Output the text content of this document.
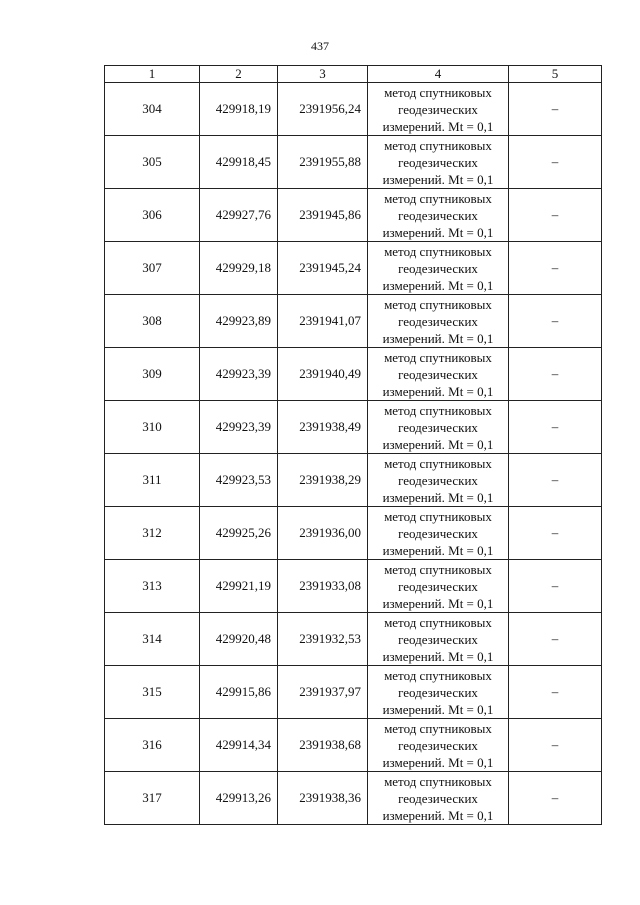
437
1	2	3	4	5
304	429918,19	2391956,24	метод спутниковых
геодезических
измерений. Mt = 0,1	–
305	429918,45	2391955,88	метод спутниковых
геодезических
измерений. Mt = 0,1	–
306	429927,76	2391945,86	метод спутниковых
геодезических
измерений. Mt = 0,1	–
307	429929,18	2391945,24	метод спутниковых
геодезических
измерений. Mt = 0,1	–
308	429923,89	2391941,07	метод спутниковых
геодезических
измерений. Mt = 0,1	–
309	429923,39	2391940,49	метод спутниковых
геодезических
измерений. Mt = 0,1	–
310	429923,39	2391938,49	метод спутниковых
геодезических
измерений. Mt = 0,1	–
311	429923,53	2391938,29	метод спутниковых
геодезических
измерений. Mt = 0,1	–
312	429925,26	2391936,00	метод спутниковых
геодезических
измерений. Mt = 0,1	–
313	429921,19	2391933,08	метод спутниковых
геодезических
измерений. Mt = 0,1	–
314	429920,48	2391932,53	метод спутниковых
геодезических
измерений. Mt = 0,1	–
315	429915,86	2391937,97	метод спутниковых
геодезических
измерений. Mt = 0,1	–
316	429914,34	2391938,68	метод спутниковых
геодезических
измерений. Mt = 0,1	–
317	429913,26	2391938,36	метод спутниковых
геодезических
измерений. Mt = 0,1	–
